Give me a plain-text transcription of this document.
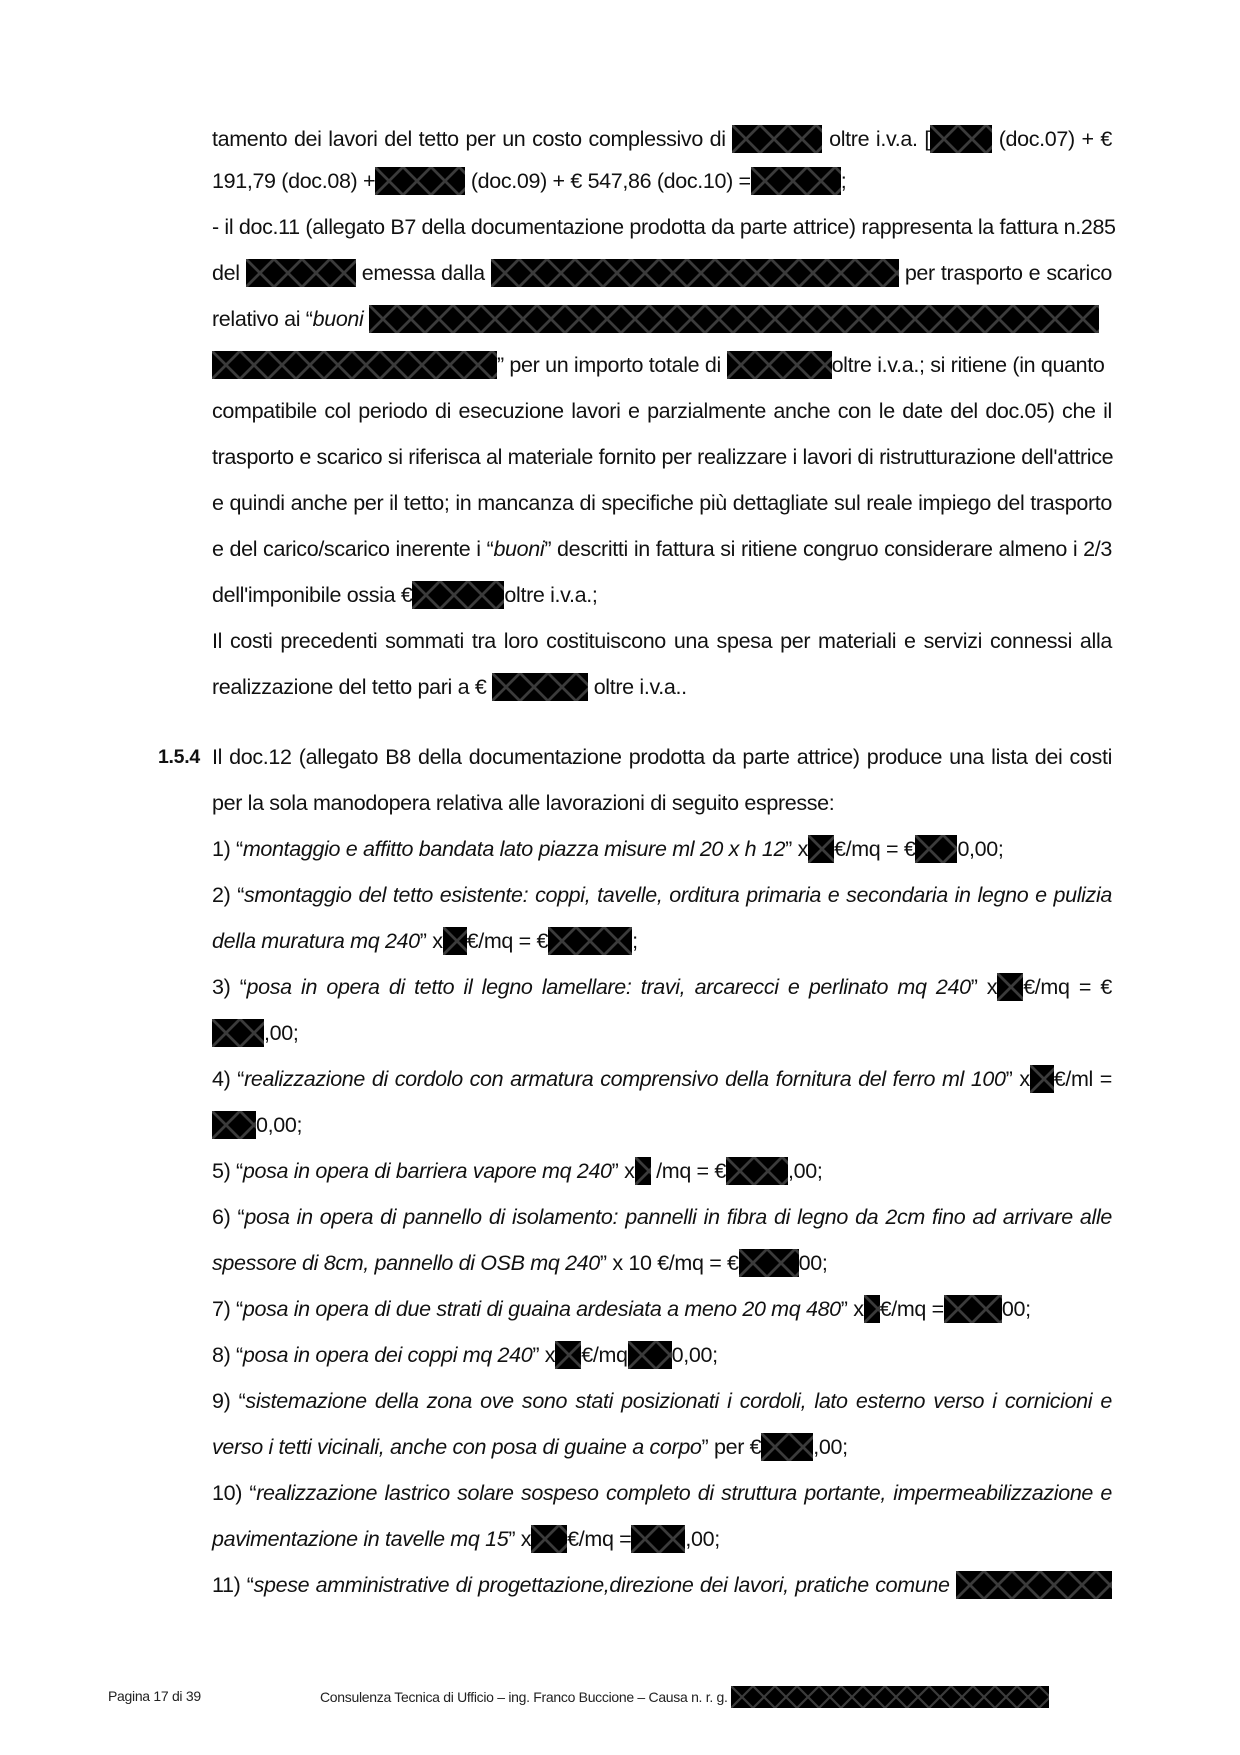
tamento dei lavori del tetto per un costo complessivo di	oltre i.v.a. [	(doc.07) + €
191,79 (doc.08) +	(doc.09) + € 547,86 (doc.10) =	;
- il doc.11 (allegato B7 della documentazione prodotta da parte attrice) rappresenta la fattura n.285
del	emessa dalla	per trasporto e scarico
relativo ai “buoni
” per un importo totale di	oltre i.v.a.; si ritiene (in quanto
compatibile col periodo di esecuzione lavori e parzialmente anche con le date del doc.05) che il
trasporto e scarico si riferisca al materiale fornito per realizzare i lavori di ristrutturazione dell'attrice
e quindi anche per il tetto; in mancanza di specifiche più dettagliate sul reale impiego del trasporto
e del carico/scarico inerente i “buoni” descritti in fattura si ritiene congruo considerare almeno i 2/3
dell'imponibile ossia €	oltre i.v.a.;
Il costi precedenti sommati tra loro costituiscono una spesa per materiali e servizi connessi alla
realizzazione del tetto pari a €	oltre i.v.a..
1.5.4 Il doc.12 (allegato B8 della documentazione prodotta da parte attrice) produce una lista dei costi
per la sola manodopera relativa alle lavorazioni di seguito espresse:
1) “montaggio e affitto bandata lato piazza misure ml 20 x h 12” x €/mq = € 0,00;
2) “smontaggio del tetto esistente: coppi, tavelle, orditura primaria e secondaria in legno e pulizia
della muratura mq 240” x €/mq = €	;
3) “posa in opera di tetto il legno lamellare: travi, arcarecci e perlinato mq 240” x €/mq = €
,00;
4) “realizzazione di cordolo con armatura comprensivo della fornitura del ferro ml 100” x €/ml =
0,00;
5) “posa in opera di barriera vapore mq 240” x /mq = €	,00;
6) “posa in opera di pannello di isolamento: pannelli in fibra di legno da 2cm fino ad arrivare alle
spessore di 8cm, pannello di OSB mq 240” x 10 €/mq = €	00;
7) “posa in opera di due strati di guaina ardesiata a meno 20 mq 480” x €/mq =	00;
8) “posa in opera dei coppi mq 240” x €/mq 0,00;
9) “sistemazione della zona ove sono stati posizionati i cordoli, lato esterno verso i cornicioni e
verso i tetti vicinali, anche con posa di guaine a corpo” per € ,00;
10) “realizzazione lastrico solare sospeso completo di struttura portante, impermeabilizzazione e
pavimentazione in tavelle mq 15” x €/mq =	,00;
11) “spese amministrative di progettazione,direzione dei lavori, pratiche comune
Pagina 17 di 39	Consulenza Tecnica di Ufficio – ing. Franco Buccione – Causa n. r. g.
